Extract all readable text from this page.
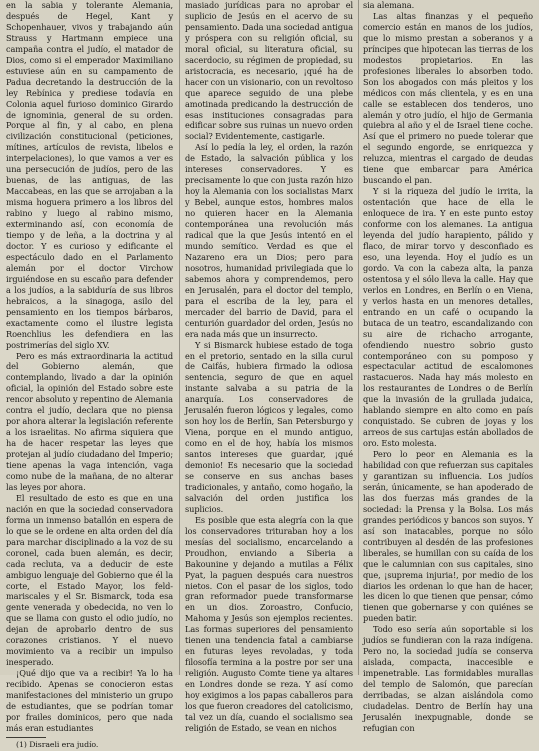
en la sabia y tolerante Alemania, después de Hegel, Kant y Schopenhauer, vivos y trabajando aún Strauss y Hartmann empiece una campaña contra el judío, el matador de Dios, como si el emperador Maximiliano estuviese aún en su campamento de Padua decretando la destrucción de la ley Rebínica y prediese todavía en Colonia aquel furioso dominico Girardo de ignominia, general de su orden. Porque al fin, y al cabo, en plena civilización constitucional (peticiones, mítines, artículos de revista, libelos e interpelaciones), lo que vamos a ver es una persecución de judíos, pero de las buenas, de las antiguas, de las Maccabeas, en las que se arrojaban a la misma hoguera primero a los libros del rabino y luego al rabino mismo, exterminando así, con economía de tiempo y de leña, a la doctrina y al doctor. Y es curioso y edificante el espectáculo dado en el Parlamento alemán por el doctor Virchow irguiéndose en su escaño para defender a los judíos, a la sabiduría de sus libros hebraicos, a la sinagoga, asilo del pensamiento en los tiempos bárbaros, exactamente como el ilustre legista Roenchlius les defendiera en las postrimerías del siglo XV.

Pero es más extraordinaria la actitud del Gobierno alemán, que contemplando, livado a dar la opinión oficial, la opinión del Estado sobre este rencor absoluto y repentino de Alemania contra el judío, declara que no piensa por ahora alterar la legislación referente a los israelitas. No afirma siquiera que ha de hacer respetar las leyes que protejan al judío ciudadano del Imperio; tiene apenas la vaga intención, vaga como nube de la mañana, de no alterar las leyes por ahora.

El resultado de esto es que en una nación en que la sociedad conservadora forma un inmenso batallón en espera de lo que se le ordene en alta orden del día para marchar disciplinado a la voz de su coronel, cada buen alemán, es decir, cada recluta, va a deducir de este ambiguo lenguaje del Gobierno que él la corte, el Estado Mayor, los feld-mariscales y el Sr. Bismarck, toda esa gente venerada y obedecida, no ven lo que se llama con gusto el odio judío, no dejan de aprobarlo dentro de sus corazones cristianos. Y el nuevo movimiento va a recibir un impulso inesperado.

¡Qué dijo que va a recibir! Ya lo ha recibido. Apenas se conocieron estas manifestaciones del ministerio un grupo de estudiantes, que se podrían tomar por frailes dominicos, pero que nada más eran estudiantes

(1) Disraeli era judío.

masiado jurídicas para no aprobar el suplicio de Jesús en el acervo de su pensamiento. Dada una sociedad antigua y próspera con su religión oficial, su moral oficial, su literatura oficial, su sacerdocio, su régimen de propiedad, su aristocracia, es necesario, ¡qué ha de hacer con un visionario, con un revoltoso que aparece seguido de una plebe amotinada predicando la destrucción de esas instituciones consagradas para edificar sobre sus ruinas un nuevo orden social? Evidentemente, castigarle.

Así lo pedía la ley, el orden, la razón de Estado, la salvación pública y los intereses conservadores. Y es precisamente lo que con justa razón hizo hoy la Alemania con los socialistas Marx y Bebel, aunque estos, hombres malos no quieren hacer en la Alemania contemporánea una revolución más radical que la que Jesús intentó en el mundo semítico. Verdad es que el Nazareno era un Dios; pero para nosotros, humanidad privilegiada que lo sabemos ahora y comprendemos, pero en Jerusalén, para el doctor del templo, para el escriba de la ley, para el mercader del barrio de David, para el centurión guardador del orden, Jesús no era nada más que un insurrecto.

Y si Bismarck hubiese estado de toga en el pretorio, sentado en la silla curul de Caifás, hubiera firmado la odiosa sentencia, seguro de que en aquel instante salvaba a su patria de la anarquía. Los conservadores de Jerusalén fueron lógicos y legales, como son hoy los de Berlín, San Petersburgo y Viena, porque en el mundo antiguo, como en el de hoy, había los mismos santos intereses que guardar, ¡qué demonio! Es necesario que la sociedad se conserve en sus anchas bases tradicionales, y antaño, como hogaño, la salvación del orden justifica los suplicios.

Es posible que esta alegría con la que los conservadores trituraban hoy a los mesías del socialismo, encarcelando a Proudhon, enviando a Siberia a Bakounine y dejando a mutilas a Félix Pyat, la paguen después cara nuestros nietos. Con el pasar de los siglos, todo gran reformador puede transformarse en un dios. Zoroastro, Confucio, Mahoma y Jesús son ejemplos recientes. Las formas superiores del pensamiento tienen una tendencia fatal a cambiarse en futuras leyes revoladas, y toda filosofía termina a la postre por ser una religión. Augusto Comte tiene ya altares en Londres donde se reza. Y así como hoy exigimos a los papas caballeros para los que fueron creadores del catolicismo, tal vez un día, cuando el socialismo sea religión de Estado, se vean en nichos

sia alemana.

Las altas finanzas y el pequeño comercio están en manos de los judíos, que lo mismo prestan a soberanos y a príncipes que hipotecan las tierras de los modestos propietarios. En las profesiones liberales lo absorben todo. Son los abogados con más pleitos y los médicos con más clientela, y es en una calle se establecen dos tenderos, uno alemán y otro judío, el hijo de Germania quiebra al año y el de Israel tiene coche. Así que el primero no puede tolerar que el segundo engorde, se enriquezca y reluzca, mientras el cargado de deudas tiene que embarcar para América buscando el pan.

Y si la riqueza del judío le irrita, la ostentación que hace de ella le enloquece de ira. Y en este punto estoy conforme con los alemanes. La antigua leyenda del judío harapiento, pálido y flaco, de mirar torvo y desconfiado es eso, una leyenda. Hoy el judío es un gordo. Va con la cabeza alta, la panza ostentosa y el sólo lleva la calle. Hay que verlos en Londres, en Berlín o en Viena, y verlos hasta en un menores detalles, entrando en un café o ocupando la butaca de un teatro, escandalizando con su aire de richacho arrogante, ofendiendo nuestro sobrio gusto contemporáneo con su pomposo y espectacular actitud de escalomones rastacueros. Nada hay más molesto en los restaurantes de Londres o de Berlín que la invasión de la grullada judaica, hablando siempre en alto como en país conquistado. Se cubren de joyas y los arreos de sus cartujas están abollados de oro. Esto molesta.

Pero lo peor en Alemania es la habilidad con que refuerzan sus capitales y garantizan su influencia. Los judíos serán, únicamente, se han apoderado de las dos fuerzas más grandes de la sociedad: la Prensa y la Bolsa. Los más grandes periódicos y bancos son suyos. Y así son inatacables, porque no sólo contribuyen al desdén de las profesiones liberales, se humillan con su caída de los que le calumnian con sus capitales, sino que, ¡suprema injuria!, por medio de los diarios les ordenan lo que han de hacer, les dicen lo que tienen que pensar, cómo tienen que gobernarse y con quiénes se pueden batir.

Todo eso sería aún soportable si los judíos se fundieran con la raza indígena. Pero no, la sociedad judía se conserva aislada, compacta, inaccesible e impenetrable. Las formidables murallas del templo de Salomón, que parecían derribadas, se alzan aislándola como ciudadelas. Dentro de Berlín hay una Jerusalén inexpugnable, donde se refugian con
